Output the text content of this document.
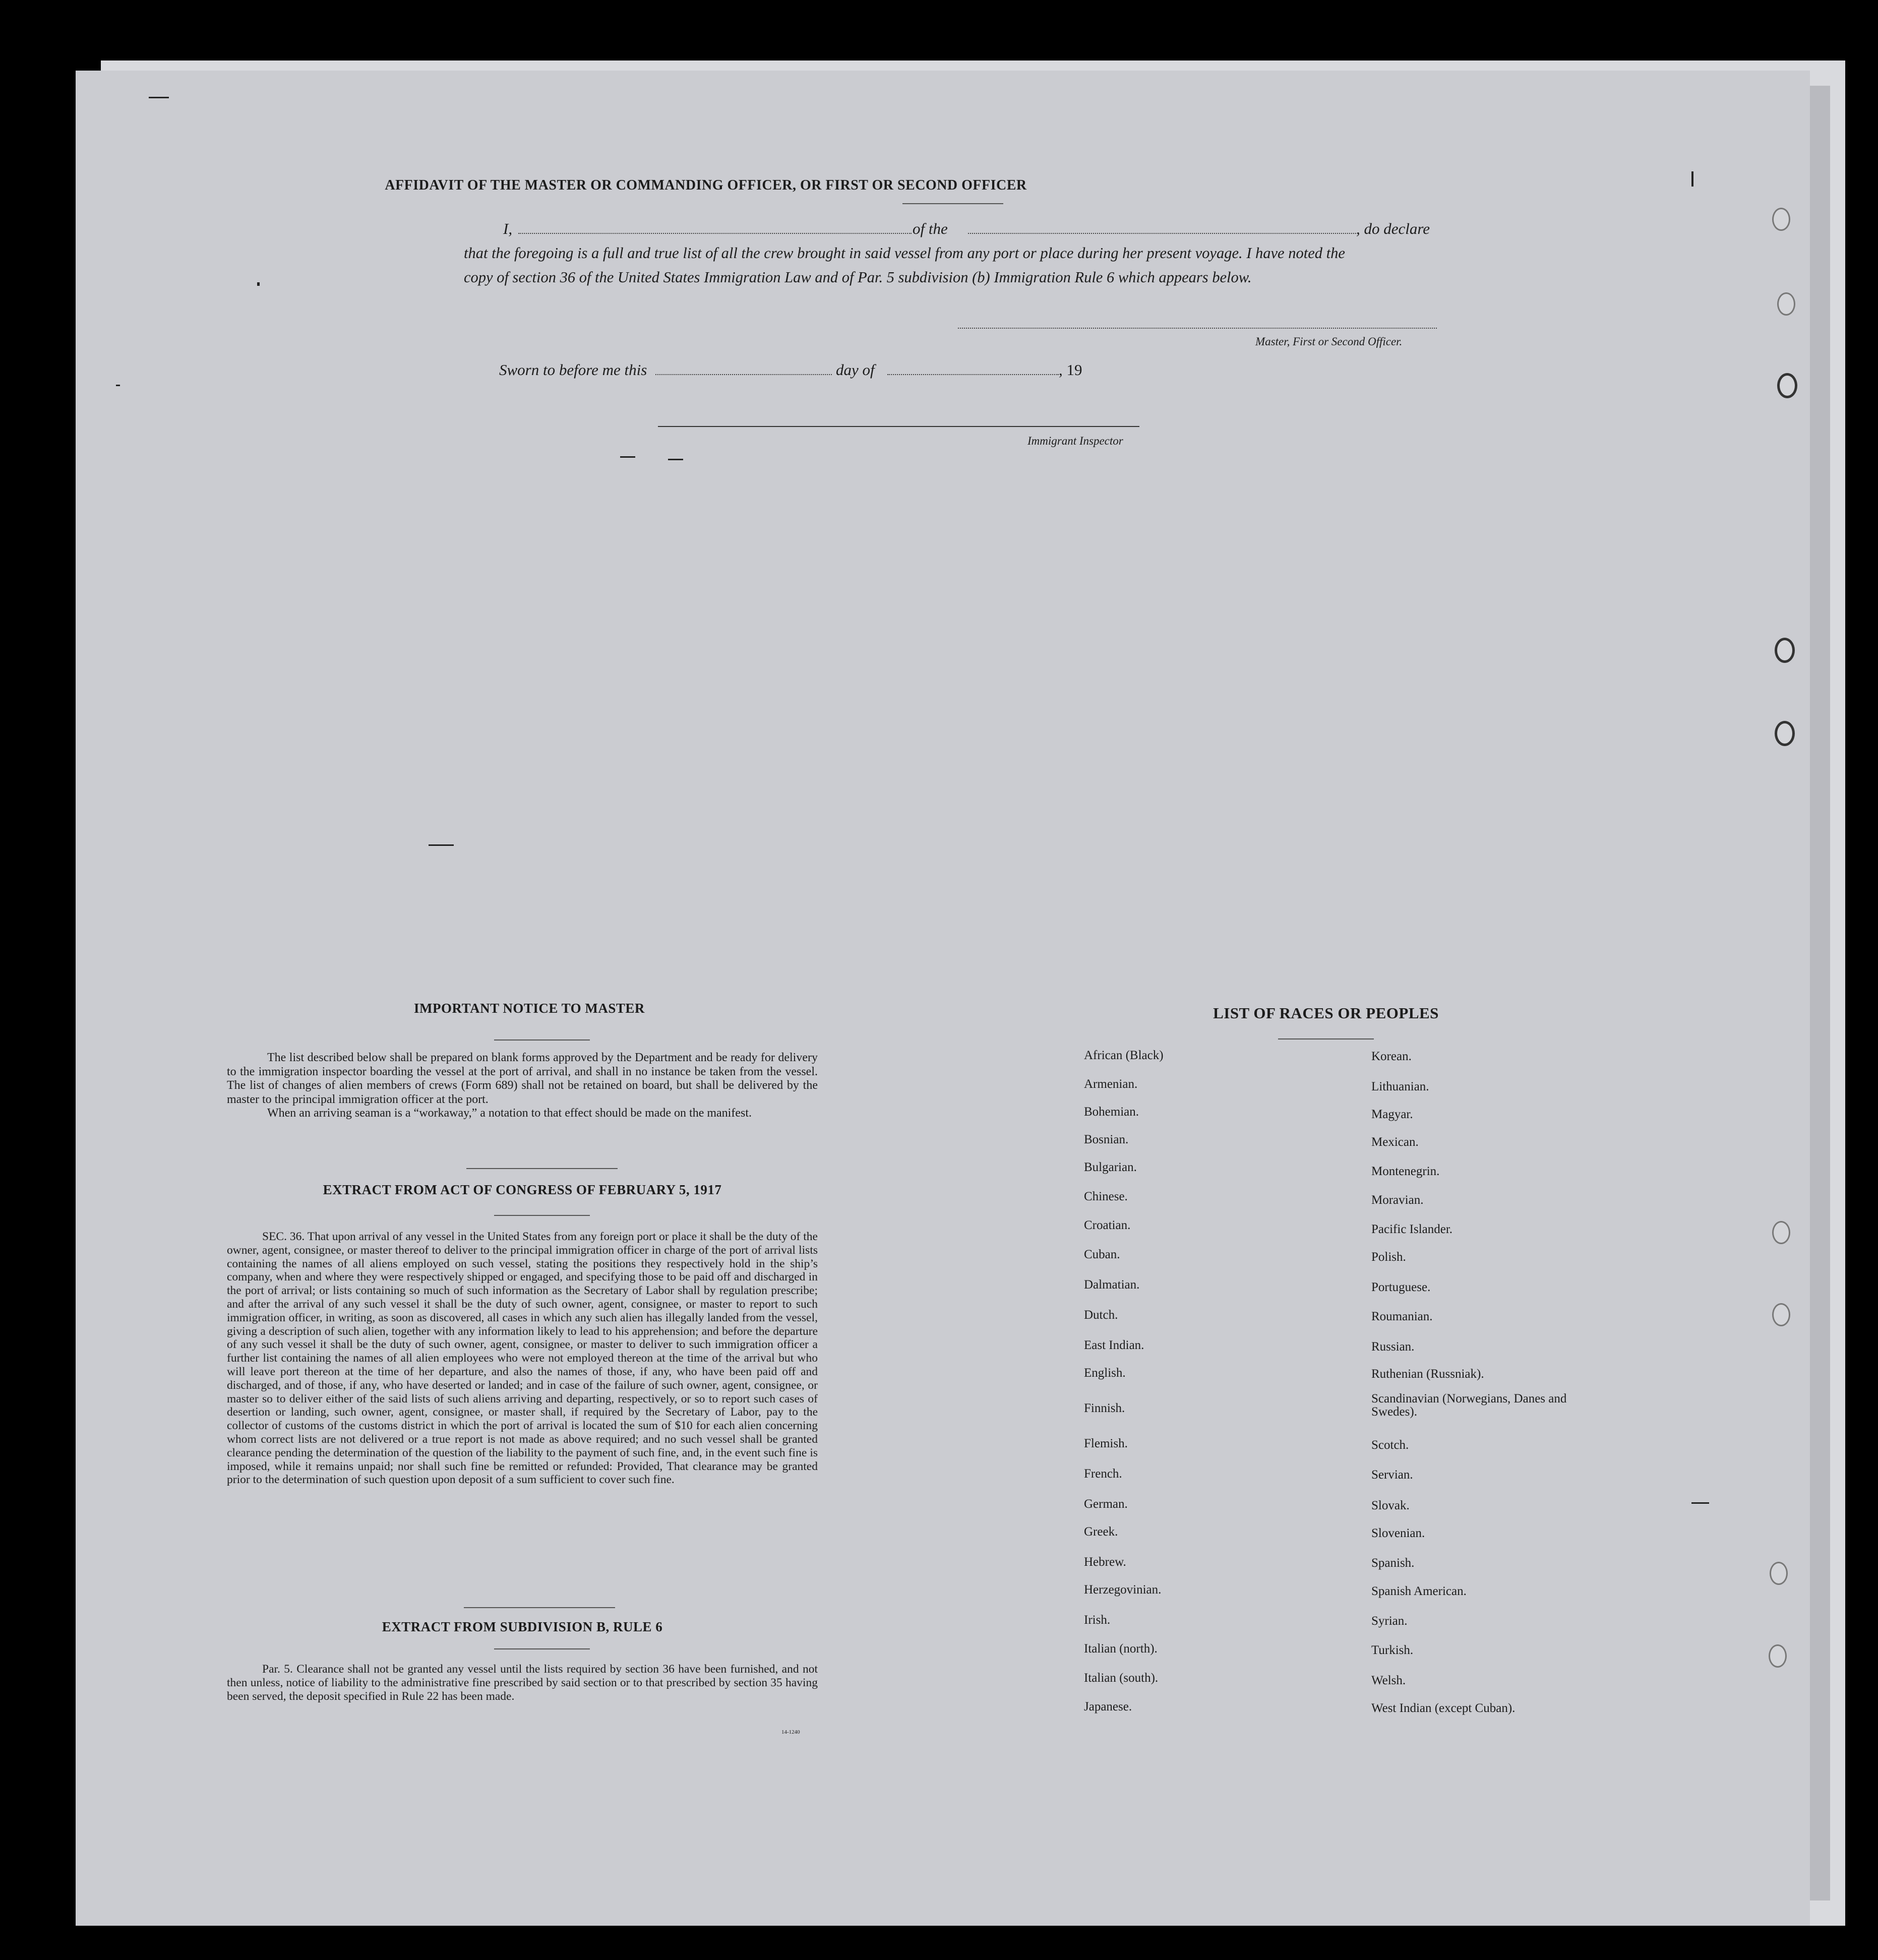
AFFIDAVIT OF THE MASTER OR COMMANDING OFFICER, OR FIRST OR SECOND OFFICER
I,	of the	, do declare
that the foregoing is a full and true list of all the crew brought in said vessel from any port or place during her present voyage. I have noted the
copy of section 36 of the United States Immigration Law and of Par. 5 subdivision (b) Immigration Rule 6 which appears below.
Master, First or Second Officer.
Sworn to before me this	day of	, 19
Immigrant Inspector
IMPORTANT NOTICE TO MASTER

The list described below shall be prepared on blank forms approved by the Department and be ready for delivery to the immigration inspector boarding the vessel at the port of arrival, and shall in no instance be taken from the vessel. The list of changes of alien members of crews (Form 689) shall not be retained on board, but shall be delivered by the master to the principal immigration officer at the port.

When an arriving seaman is a “workaway,” a notation to that effect should be made on the manifest.

EXTRACT FROM ACT OF CONGRESS OF FEBRUARY 5, 1917

SEC. 36. That upon arrival of any vessel in the United States from any foreign port or place it shall be the duty of the owner, agent, consignee, or master thereof to deliver to the principal immigration officer in charge of the port of arrival lists containing the names of all aliens employed on such vessel, stating the positions they respectively hold in the ship’s company, when and where they were respectively shipped or engaged, and specifying those to be paid off and discharged in the port of arrival; or lists containing so much of such information as the Secretary of Labor shall by regulation prescribe; and after the arrival of any such vessel it shall be the duty of such owner, agent, consignee, or master to report to such immigration officer, in writing, as soon as discovered, all cases in which any such alien has illegally landed from the vessel, giving a description of such alien, together with any information likely to lead to his apprehension; and before the departure of any such vessel it shall be the duty of such owner, agent, consignee, or master to deliver to such immigration officer a further list containing the names of all alien employees who were not employed thereon at the time of the arrival but who will leave port thereon at the time of her departure, and also the names of those, if any, who have been paid off and discharged, and of those, if any, who have deserted or landed; and in case of the failure of such owner, agent, consignee, or master so to deliver either of the said lists of such aliens arriving and departing, respectively, or so to report such cases of desertion or landing, such owner, agent, consignee, or master shall, if required by the Secretary of Labor, pay to the collector of customs of the customs district in which the port of arrival is located the sum of $10 for each alien concerning whom correct lists are not delivered or a true report is not made as above required; and no such vessel shall be granted clearance pending the determination of the question of the liability to the payment of such fine, and, in the event such fine is imposed, while it remains unpaid; nor shall such fine be remitted or refunded: Provided, That clearance may be granted prior to the determination of such question upon deposit of a sum sufficient to cover such fine.

EXTRACT FROM SUBDIVISION B, RULE 6

Par. 5. Clearance shall not be granted any vessel until the lists required by section 36 have been furnished, and not then unless, notice of liability to the administrative fine prescribed by said section or to that prescribed by section 35 having been served, the deposit specified in Rule 22 has been made.

14-1240
LIST OF RACES OR PEOPLES
African (Black)
Armenian.
Bohemian.
Bosnian.
Bulgarian.
Chinese.
Croatian.
Cuban.
Dalmatian.
Dutch.
East Indian.
English.
Finnish.
Flemish.
French.
German.
Greek.
Hebrew.
Herzegovinian.
Irish.
Italian (north).
Italian (south).
Japanese.
Korean.
Lithuanian.
Magyar.
Mexican.
Montenegrin.
Moravian.
Pacific Islander.
Polish.
Portuguese.
Roumanian.
Russian.
Ruthenian (Russniak).
Scandinavian (Norwegians, Danes and Swedes).
Scotch.
Servian.
Slovak.
Slovenian.
Spanish.
Spanish American.
Syrian.
Turkish.
Welsh.
West Indian (except Cuban).
